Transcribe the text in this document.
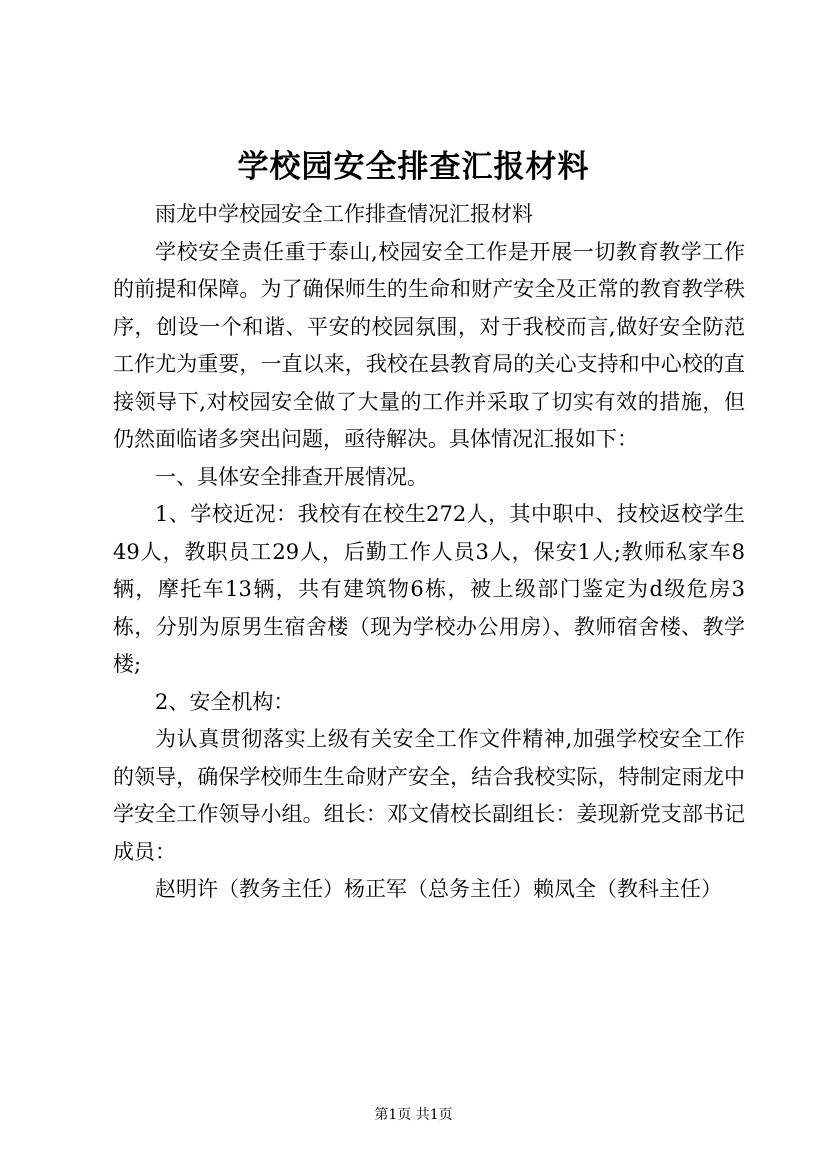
学校园安全排查汇报材料

雨龙中学校园安全工作排查情况汇报材料

学校安全责任重于泰山,校园安全工作是开展一切教育教学工作的前提和保障。为了确保师生的生命和财产安全及正常的教育教学秩序，创设一个和谐、平安的校园氛围，对于我校而言,做好安全防范工作尤为重要，一直以来，我校在县教育局的关心支持和中心校的直接领导下,对校园安全做了大量的工作并采取了切实有效的措施，但仍然面临诸多突出问题，亟待解决。具体情况汇报如下：

一、具体安全排查开展情况。

1、学校近况：我校有在校生272人，其中职中、技校返校学生49人，教职员工29人，后勤工作人员3人，保安1人;教师私家车8辆，摩托车13辆，共有建筑物6栋，被上级部门鉴定为d级危房3栋，分别为原男生宿舍楼（现为学校办公用房）、教师宿舍楼、教学楼;

2、安全机构：

为认真贯彻落实上级有关安全工作文件精神,加强学校安全工作的领导，确保学校师生生命财产安全，结合我校实际，特制定雨龙中学安全工作领导小组。组长：邓文倩校长副组长：姜现新党支部书记成员：

赵明许（教务主任）杨正军（总务主任）赖凤全（教科主任）

第1页 共1页
